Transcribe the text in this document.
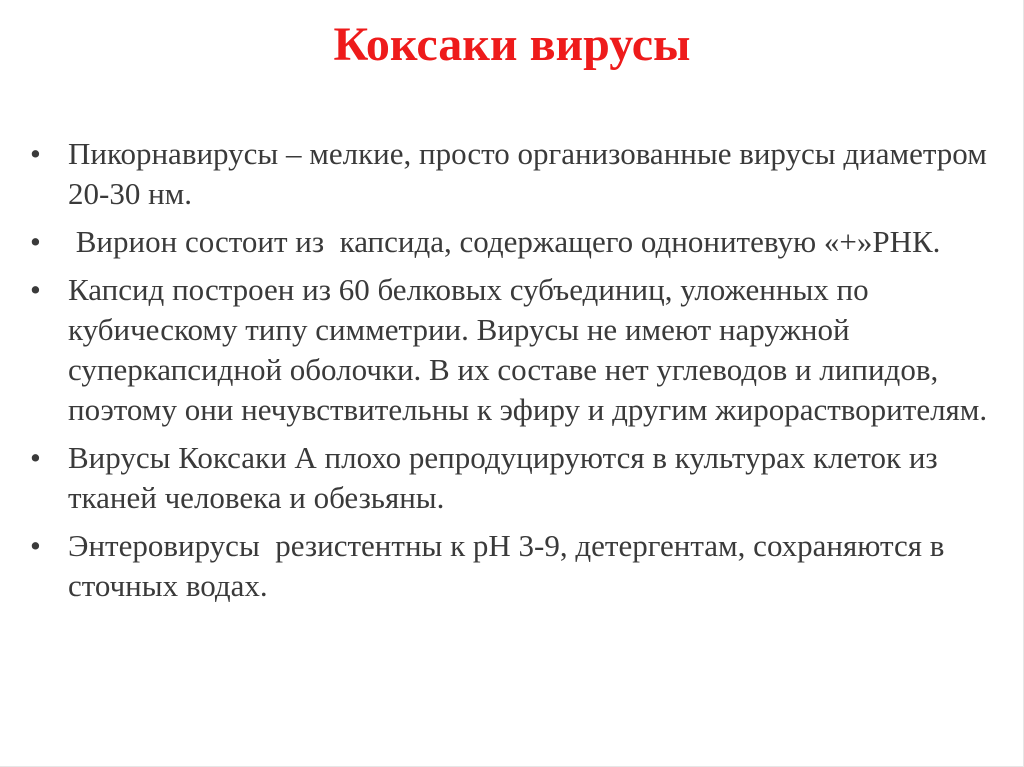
Коксаки вирусы
• Пикорнавирусы – мелкие, просто организованные вирусы диаметром 20-30 нм.
• Вирион состоит из  капсида, содержащего однонитевую «+»РНК.
• Капсид построен из 60 белковых субъединиц, уложенных по кубическому типу симметрии. Вирусы не имеют наружной суперкапсидной оболочки. В их составе нет углеводов и липидов, поэтому они нечувствительны к эфиру и другим жирорастворителям.
• Вирусы Коксаки А плохо репродуцируются в культурах клеток из тканей человека и обезьяны.
• Энтеровирусы  резистентны к рН 3-9, детергентам, сохраняются в сточных водах.
